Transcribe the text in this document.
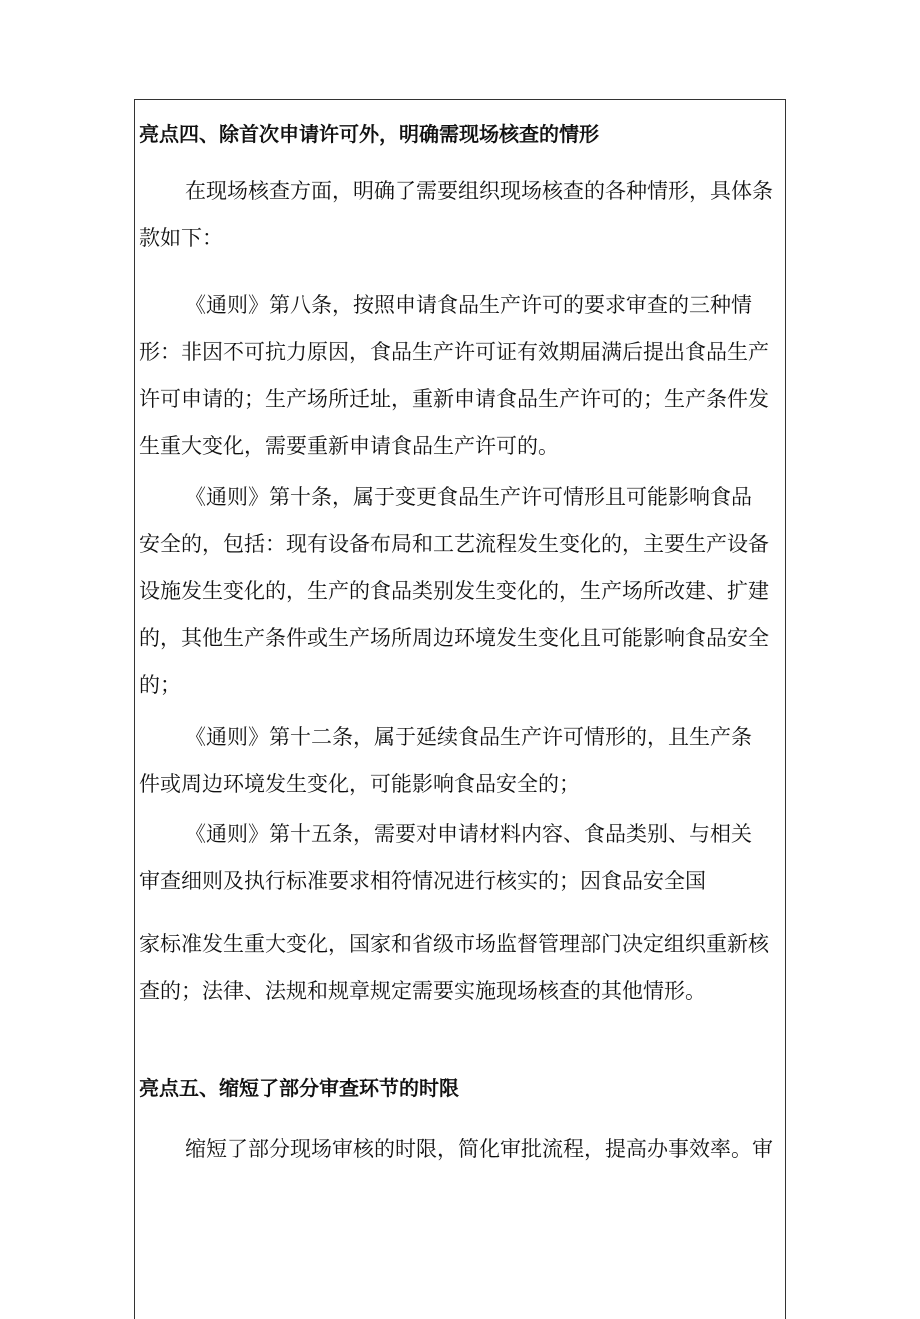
亮点四、除首次申请许可外，明确需现场核查的情形

在现场核查方面，明确了需要组织现场核查的各种情形，具体条

款如下：

《通则》第八条，按照申请食品生产许可的要求审查的三种情

形：非因不可抗力原因，食品生产许可证有效期届满后提出食品生产

许可申请的；生产场所迁址，重新申请食品生产许可的；生产条件发

生重大变化，需要重新申请食品生产许可的。

《通则》第十条，属于变更食品生产许可情形且可能影响食品

安全的，包括：现有设备布局和工艺流程发生变化的，主要生产设备

设施发生变化的，生产的食品类别发生变化的，生产场所改建、扩建

的，其他生产条件或生产场所周边环境发生变化且可能影响食品安全

的；

《通则》第十二条，属于延续食品生产许可情形的，且生产条

件或周边环境发生变化，可能影响食品安全的；

《通则》第十五条，需要对申请材料内容、食品类别、与相关

审查细则及执行标准要求相符情况进行核实的；因食品安全国

家标准发生重大变化，国家和省级市场监督管理部门决定组织重新核

查的；法律、法规和规章规定需要实施现场核查的其他情形。

亮点五、缩短了部分审查环节的时限

缩短了部分现场审核的时限，简化审批流程，提高办事效率。审
